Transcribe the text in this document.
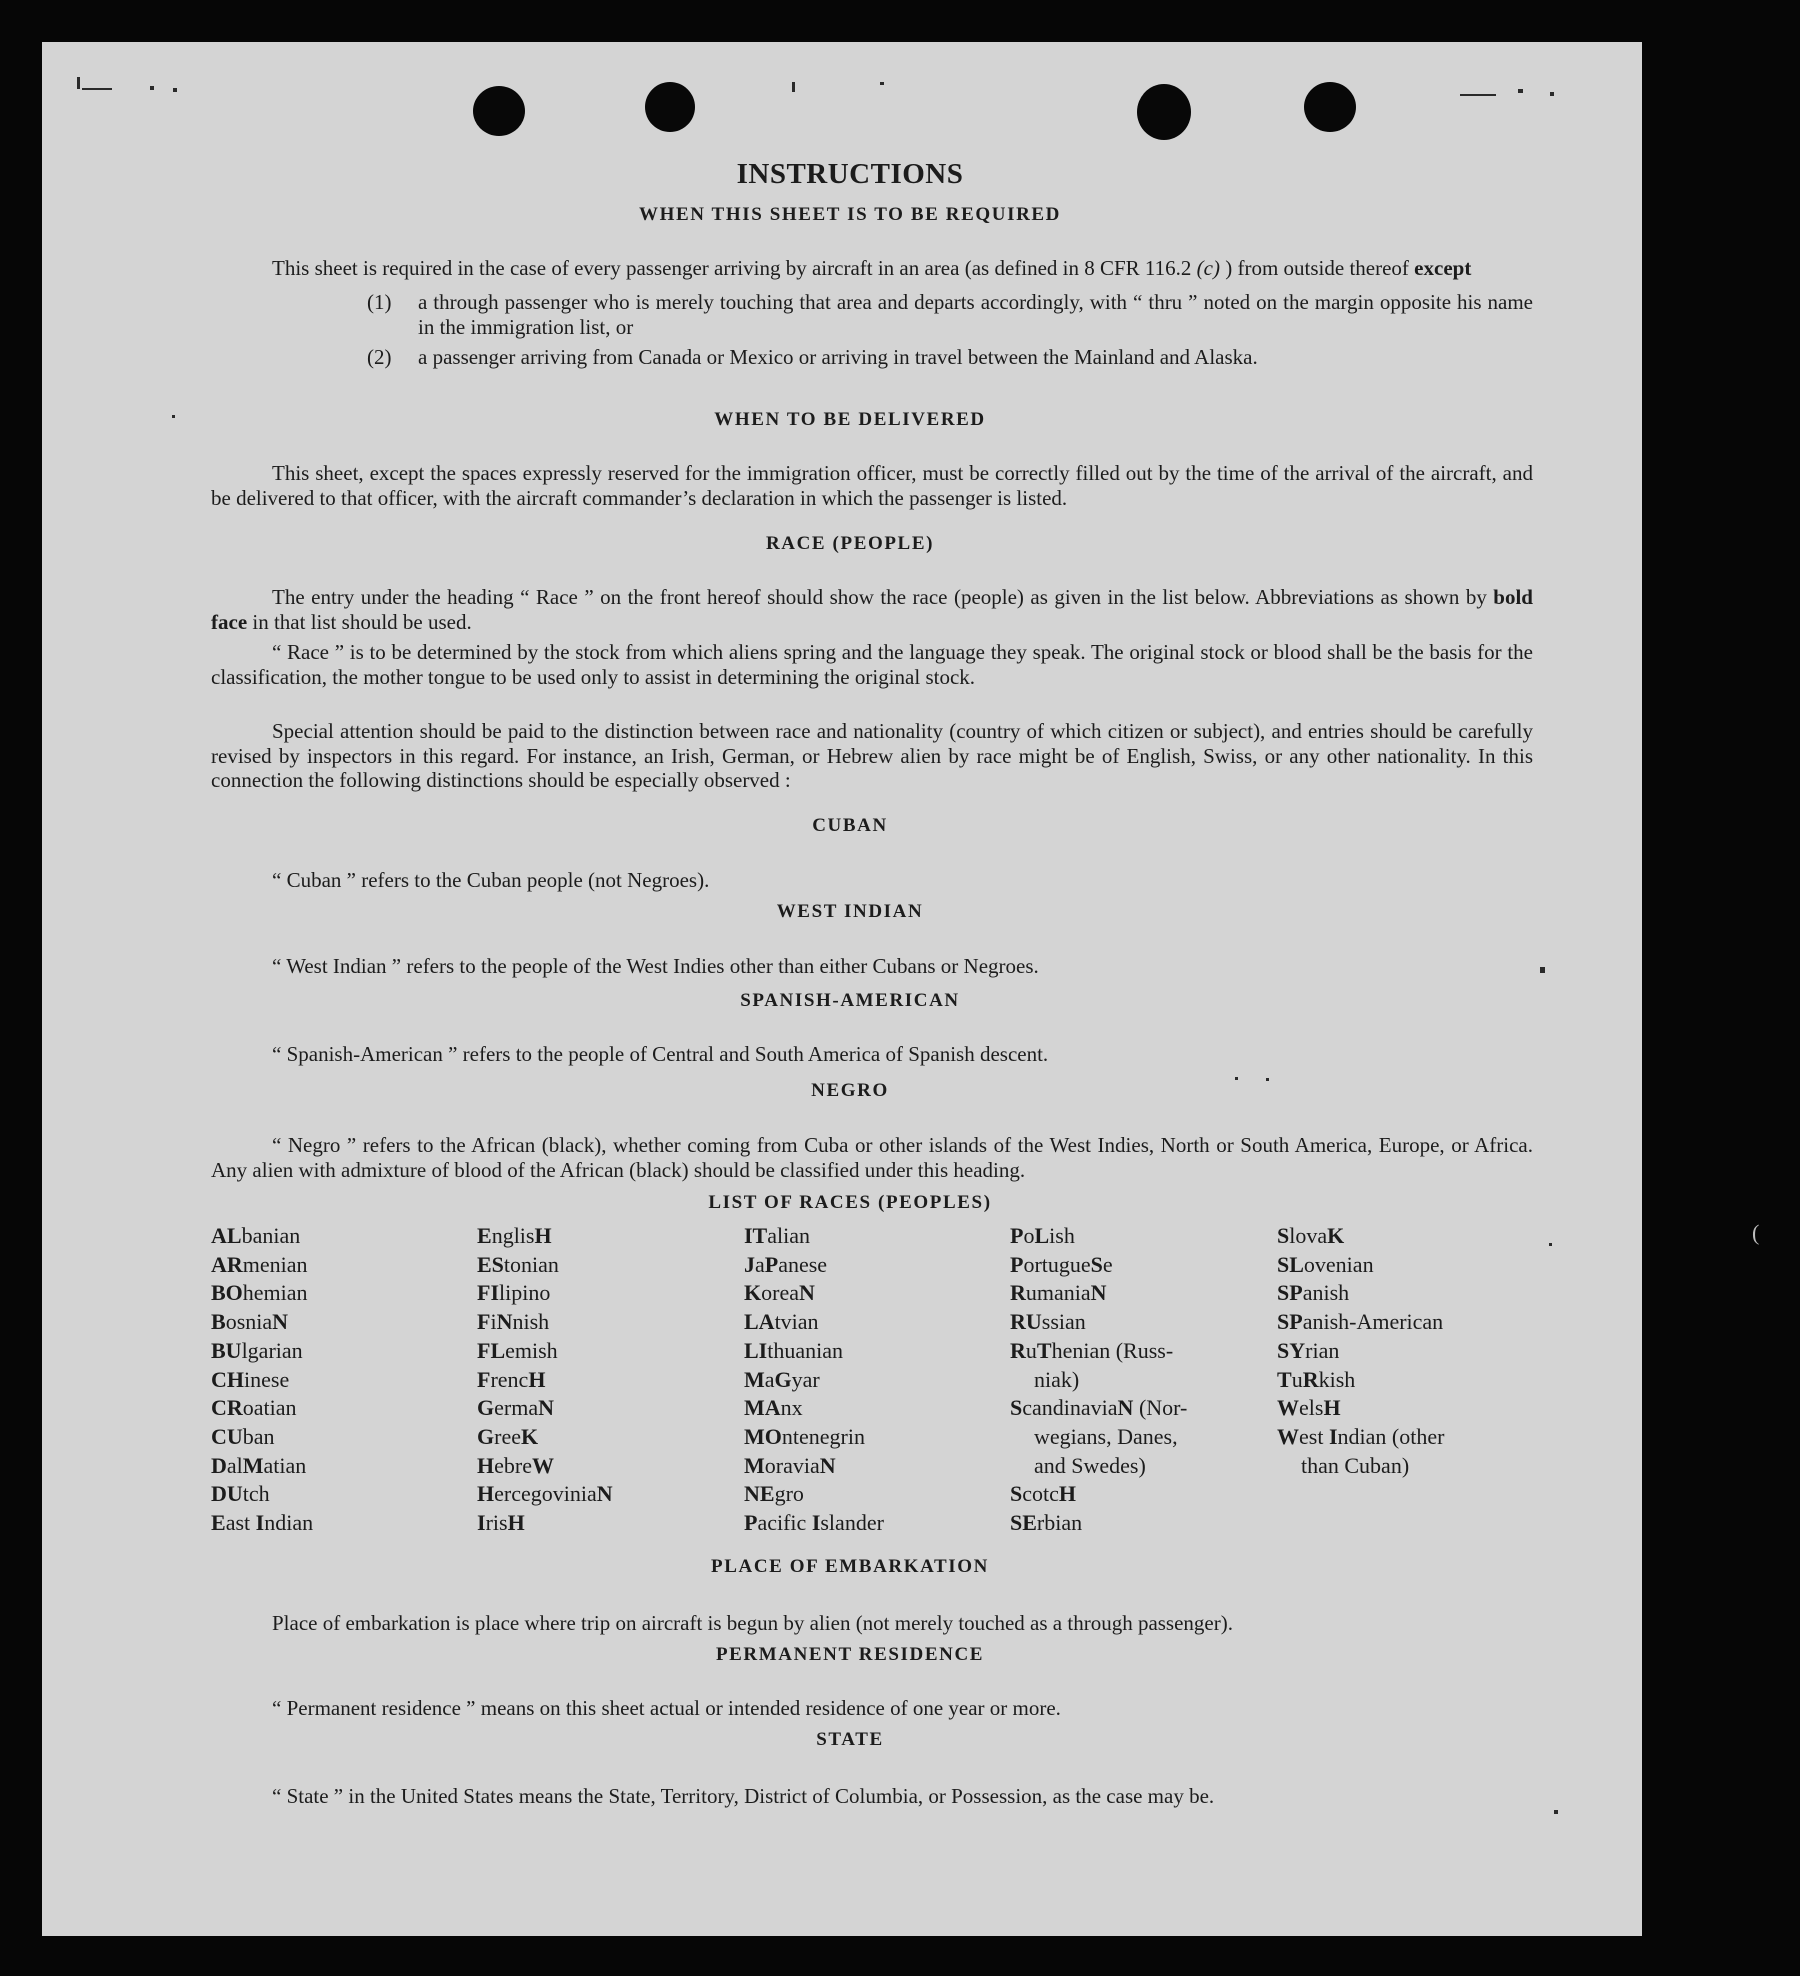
INSTRUCTIONS
WHEN THIS SHEET IS TO BE REQUIRED

This sheet is required in the case of every passenger arriving by aircraft in an area (as defined in 8 CFR 116.2 (c) ) from outside thereof except

(1) a through passenger who is merely touching that area and departs accordingly, with “ thru ” noted on the margin opposite his name in the immigration list, or
(2) a passenger arriving from Canada or Mexico or arriving in travel between the Mainland and Alaska.
WHEN TO BE DELIVERED

This sheet, except the spaces expressly reserved for the immigration officer, must be correctly filled out by the time of the arrival of the aircraft, and be delivered to that officer, with the aircraft commander’s declaration in which the passenger is listed.

RACE (PEOPLE)

The entry under the heading “ Race ” on the front hereof should show the race (people) as given in the list below. Abbreviations as shown by bold face in that list should be used.

“ Race ” is to be determined by the stock from which aliens spring and the language they speak. The original stock or blood shall be the basis for the classification, the mother tongue to be used only to assist in determining the original stock.

Special attention should be paid to the distinction between race and nationality (country of which citizen or subject), and entries should be carefully revised by inspectors in this regard. For instance, an Irish, German, or Hebrew alien by race might be of English, Swiss, or any other nationality. In this connection the following distinctions should be especially observed :

CUBAN

“ Cuban ” refers to the Cuban people (not Negroes).

WEST INDIAN

“ West Indian ” refers to the people of the West Indies other than either Cubans or Negroes.

SPANISH-AMERICAN

“ Spanish-American ” refers to the people of Central and South America of Spanish descent.

NEGRO

“ Negro ” refers to the African (black), whether coming from Cuba or other islands of the West Indies, North or South America, Europe, or Africa. Any alien with admixture of blood of the African (black) should be classified under this heading.

LIST OF RACES (PEOPLES)
ALbanian
ARmenian
BOhemian
BosniaN
BUlgarian
CHinese
CRoatian
CUban
DalMatian
DUtch
East Indian
EnglisH
EStonian
FIlipino
FiNnish
FLemish
FrencH
GermaN
GreeK
HebreW
HercegoviniaN
IrisH
ITalian
JaPanese
KoreaN
LAtvian
LIthuanian
MaGyar
MAnx
MOntenegrin
MoraviaN
NEgro
Pacific Islander
PoLish
PortugueSe
RumaniaN
RUssian
RuThenian (Russ-
niak)
ScandinaviaN (Nor-
wegians, Danes,
and Swedes)
ScotcH
SErbian
SlovaK
SLovenian
SPanish
SPanish-American
SYrian
TuRkish
WelsH
West Indian (other
than Cuban)
PLACE OF EMBARKATION

Place of embarkation is place where trip on aircraft is begun by alien (not merely touched as a through passenger).

PERMANENT RESIDENCE

“ Permanent residence ” means on this sheet actual or intended residence of one year or more.

STATE

“ State ” in the United States means the State, Territory, District of Columbia, or Possession, as the case may be.

(
